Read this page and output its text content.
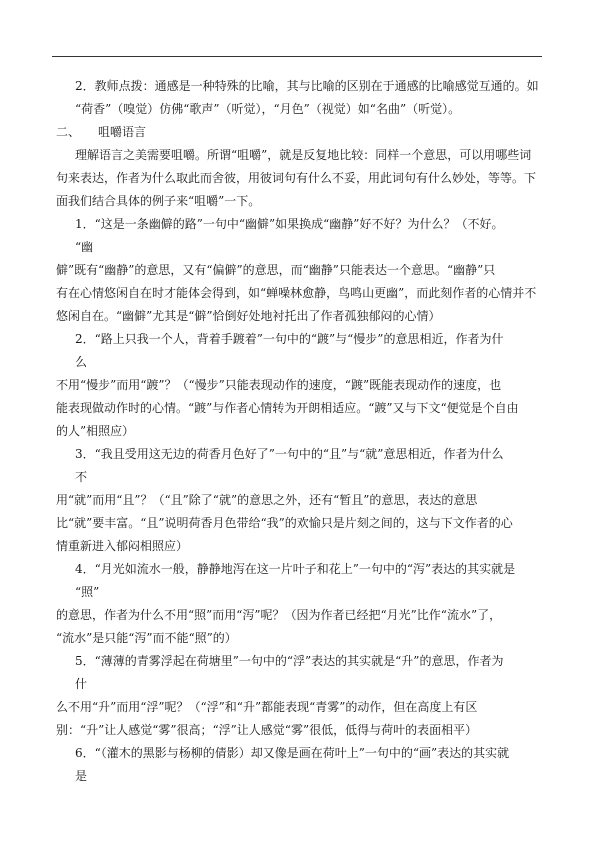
2．教师点拨：通感是一种特殊的比喻，其与比喻的区别在于通感的比喻感觉互通的。如
“荷香”（嗅觉）仿佛“歌声”（听觉），“月色”（视觉）如“名曲”（听觉）。
二、　　咀嚼语言
理解语言之美需要咀嚼。所谓“咀嚼”，就是反复地比较：同样一个意思，可以用哪些词
句来表达，作者为什么取此而舍彼，用彼词句有什么不妥，用此词句有什么妙处，等等。下
面我们结合具体的例子来“咀嚼”一下。
1．“这是一条幽僻的路”一句中“幽僻”如果换成“幽静”好不好？为什么？（不好。
“幽
僻”既有“幽静”的意思，又有“偏僻”的意思，而“幽静”只能表达一个意思。“幽静”只
有在心情悠闲自在时才能体会得到，如“蝉噪林愈静，鸟鸣山更幽”，而此刻作者的心情并不
悠闲自在。“幽僻”尤其是“僻”恰倒好处地衬托出了作者孤独郁闷的心情）
2．“路上只我一个人，背着手踱着”一句中的“踱”与“慢步”的意思相近，作者为什
么
不用“慢步”而用“踱”？（“慢步”只能表现动作的速度，“踱”既能表现动作的速度，也
能表现做动作时的心情。“踱”与作者心情转为开朗相适应。“踱”又与下文“便觉是个自由
的人”相照应）
3．“我且受用这无边的荷香月色好了”一句中的“且”与“就”意思相近，作者为什么
不
用“就”而用“且”？（“且”除了“就”的意思之外，还有“暂且”的意思，表达的意思
比“就”要丰富。“且”说明荷香月色带给“我”的欢愉只是片刻之间的，这与下文作者的心
情重新进入郁闷相照应）
4．“月光如流水一般，静静地泻在这一片叶子和花上”一句中的“泻”表达的其实就是
“照”
的意思，作者为什么不用“照”而用“泻”呢？（因为作者已经把“月光”比作“流水”了，
“流水”是只能“泻”而不能“照”的）
5．“薄薄的青雾浮起在荷塘里”一句中的“浮”表达的其实就是“升”的意思，作者为
什
么不用“升”而用“浮”呢？（“浮”和“升”都能表现“青雾”的动作，但在高度上有区
别：“升”让人感觉“雾”很高；“浮”让人感觉“雾”很低，低得与荷叶的表面相平）
6．“（灌木的黑影与杨柳的倩影）却又像是画在荷叶上”一句中的“画”表达的其实就
是
